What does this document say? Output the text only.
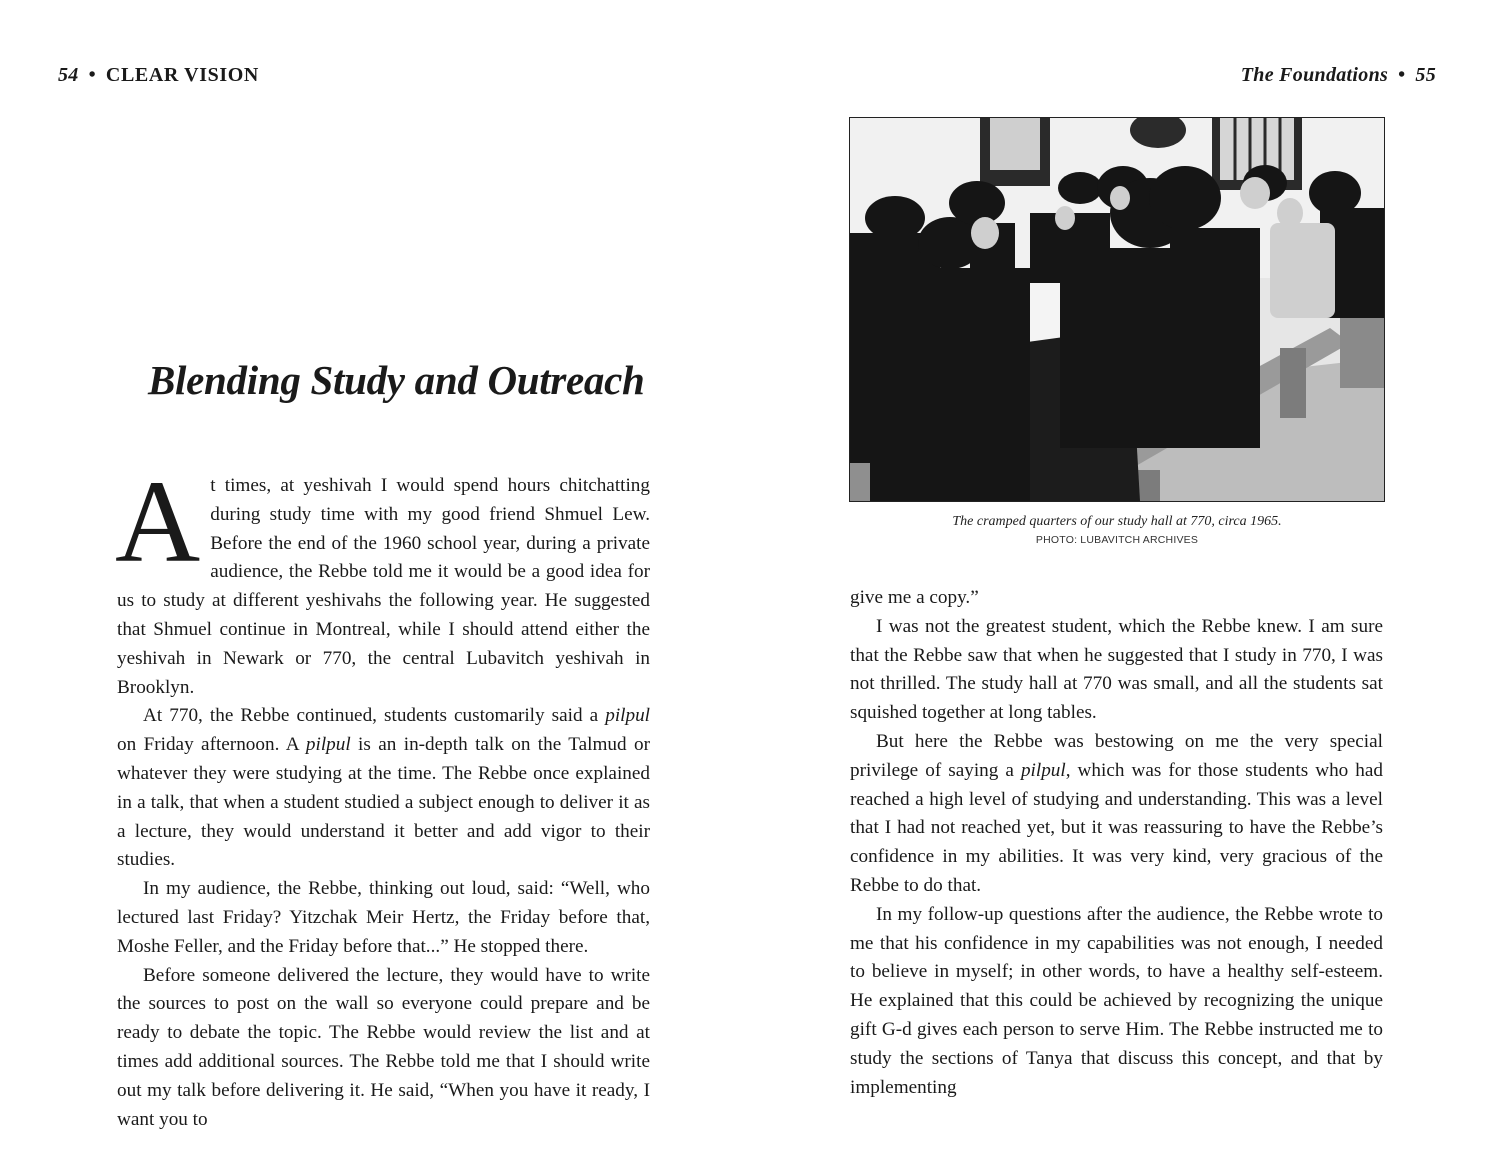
54 • CLEAR VISION
Blending Study and Outreach

At times, at yeshivah I would spend hours chitchatting during study time with my good friend Shmuel Lew. Before the end of the 1960 school year, during a private audience, the Rebbe told me it would be a good idea for us to study at different yeshivahs the following year. He suggested that Shmuel continue in Montreal, while I should attend either the yeshivah in Newark or 770, the central Lubavitch yeshivah in Brooklyn.

At 770, the Rebbe continued, students customarily said a pilpul on Friday afternoon. A pilpul is an in-depth talk on the Talmud or whatever they were studying at the time. The Rebbe once explained in a talk, that when a student studied a subject enough to deliver it as a lecture, they would understand it better and add vigor to their studies.

In my audience, the Rebbe, thinking out loud, said: “Well, who lectured last Friday? Yitzchak Meir Hertz, the Friday before that, Moshe Feller, and the Friday before that...” He stopped there.

Before someone delivered the lecture, they would have to write the sources to post on the wall so everyone could prepare and be ready to debate the topic. The Rebbe would review the list and at times add additional sources. The Rebbe told me that I should write out my talk before delivering it. He said, “When you have it ready, I want you to

The Foundations • 55
The cramped quarters of our study hall at 770, circa 1965.
PHOTO: LUBAVITCH ARCHIVES

give me a copy.”

I was not the greatest student, which the Rebbe knew. I am sure that the Rebbe saw that when he suggested that I study in 770, I was not thrilled. The study hall at 770 was small, and all the students sat squished together at long tables.

But here the Rebbe was bestowing on me the very special privilege of saying a pilpul, which was for those students who had reached a high level of studying and understanding. This was a level that I had not reached yet, but it was reassuring to have the Rebbe’s confidence in my abilities. It was very kind, very gracious of the Rebbe to do that.

In my follow-up questions after the audience, the Rebbe wrote to me that his confidence in my capabilities was not enough, I needed to believe in myself; in other words, to have a healthy self-esteem. He explained that this could be achieved by recognizing the unique gift G-d gives each person to serve Him. The Rebbe instructed me to study the sections of Tanya that discuss this concept, and that by implementing
